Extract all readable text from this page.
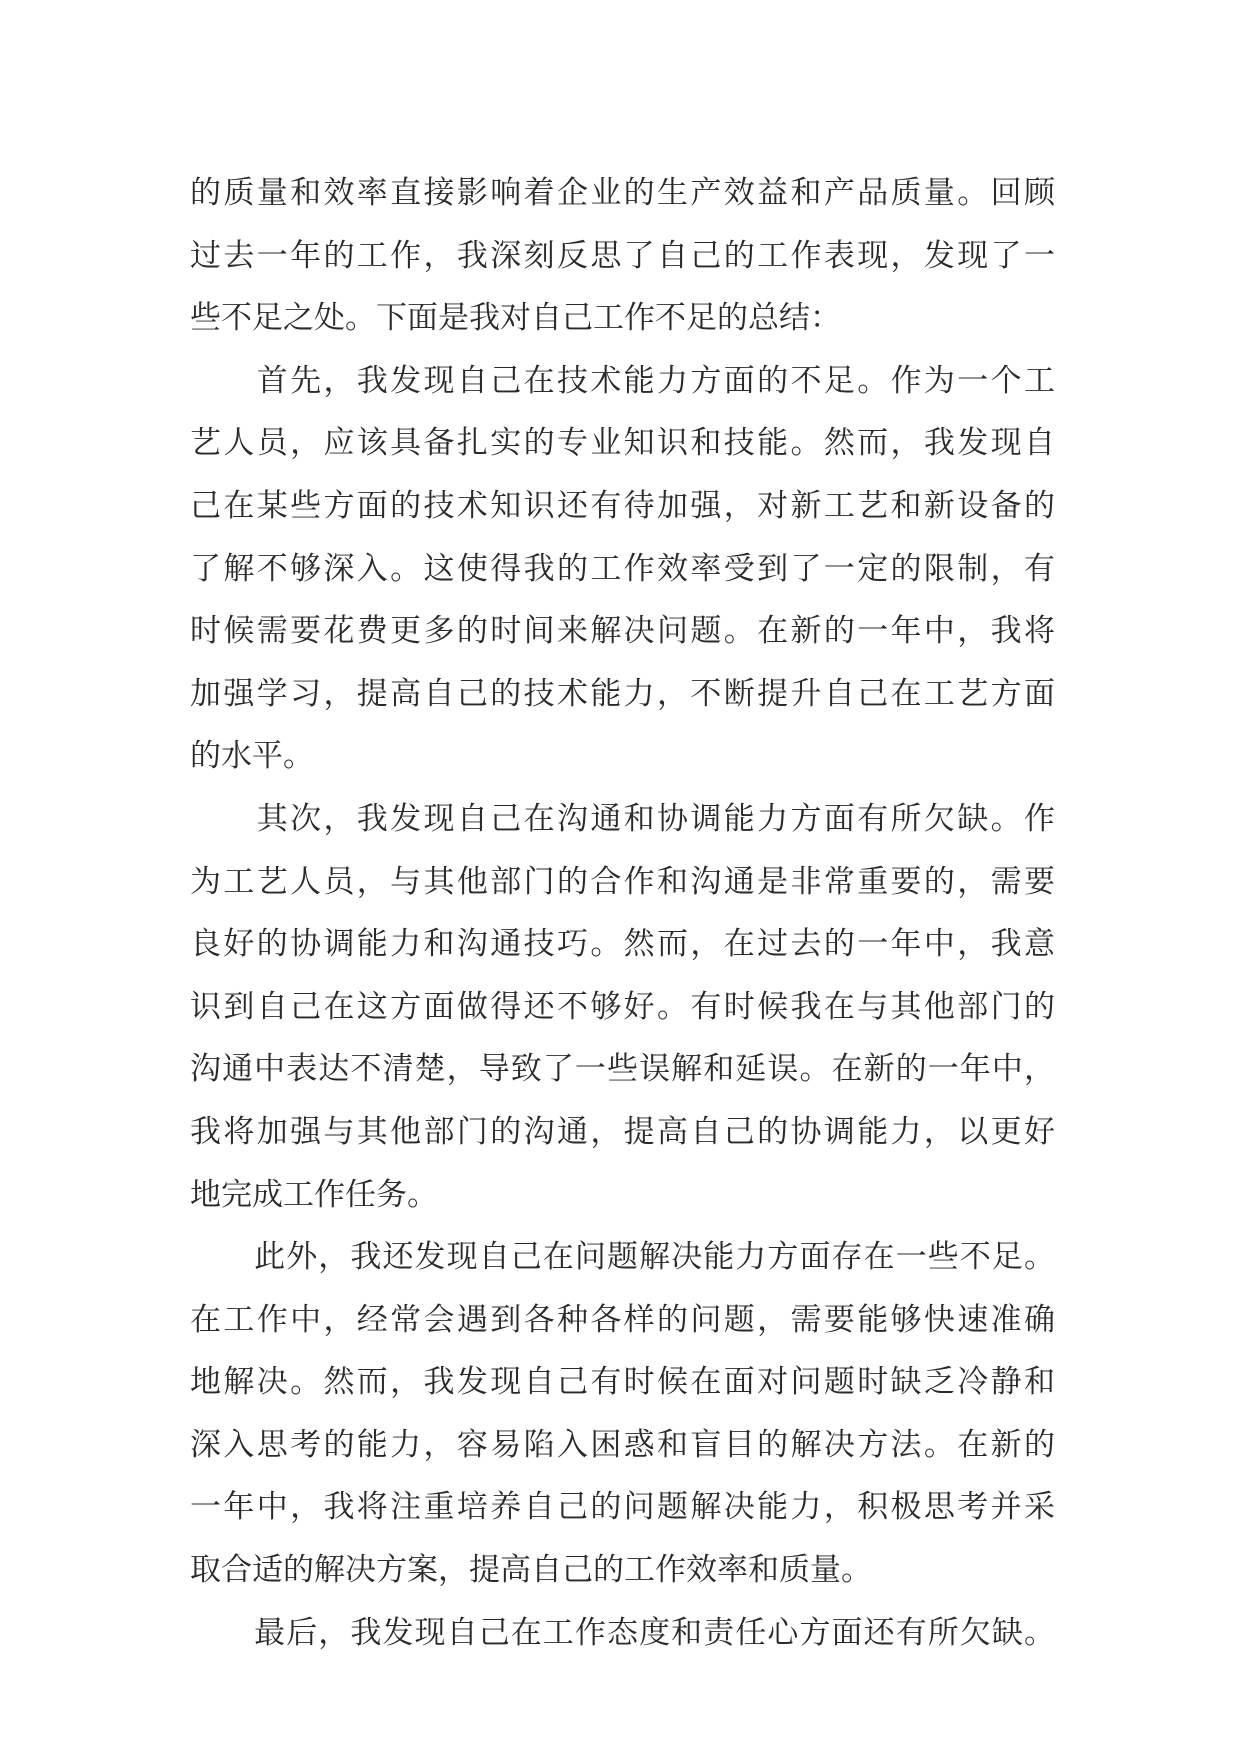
的质量和效率直接影响着企业的生产效益和产品质量。回顾
过去一年的工作，我深刻反思了自己的工作表现，发现了一
些不足之处。下面是我对自己工作不足的总结：
　　首先，我发现自己在技术能力方面的不足。作为一个工
艺人员，应该具备扎实的专业知识和技能。然而，我发现自
己在某些方面的技术知识还有待加强，对新工艺和新设备的
了解不够深入。这使得我的工作效率受到了一定的限制，有
时候需要花费更多的时间来解决问题。在新的一年中，我将
加强学习，提高自己的技术能力，不断提升自己在工艺方面
的水平。
　　其次，我发现自己在沟通和协调能力方面有所欠缺。作
为工艺人员，与其他部门的合作和沟通是非常重要的，需要
良好的协调能力和沟通技巧。然而，在过去的一年中，我意
识到自己在这方面做得还不够好。有时候我在与其他部门的
沟通中表达不清楚，导致了一些误解和延误。在新的一年中，
我将加强与其他部门的沟通，提高自己的协调能力，以更好
地完成工作任务。
　　此外，我还发现自己在问题解决能力方面存在一些不足。
在工作中，经常会遇到各种各样的问题，需要能够快速准确
地解决。然而，我发现自己有时候在面对问题时缺乏冷静和
深入思考的能力，容易陷入困惑和盲目的解决方法。在新的
一年中，我将注重培养自己的问题解决能力，积极思考并采
取合适的解决方案，提高自己的工作效率和质量。
　　最后，我发现自己在工作态度和责任心方面还有所欠缺。
